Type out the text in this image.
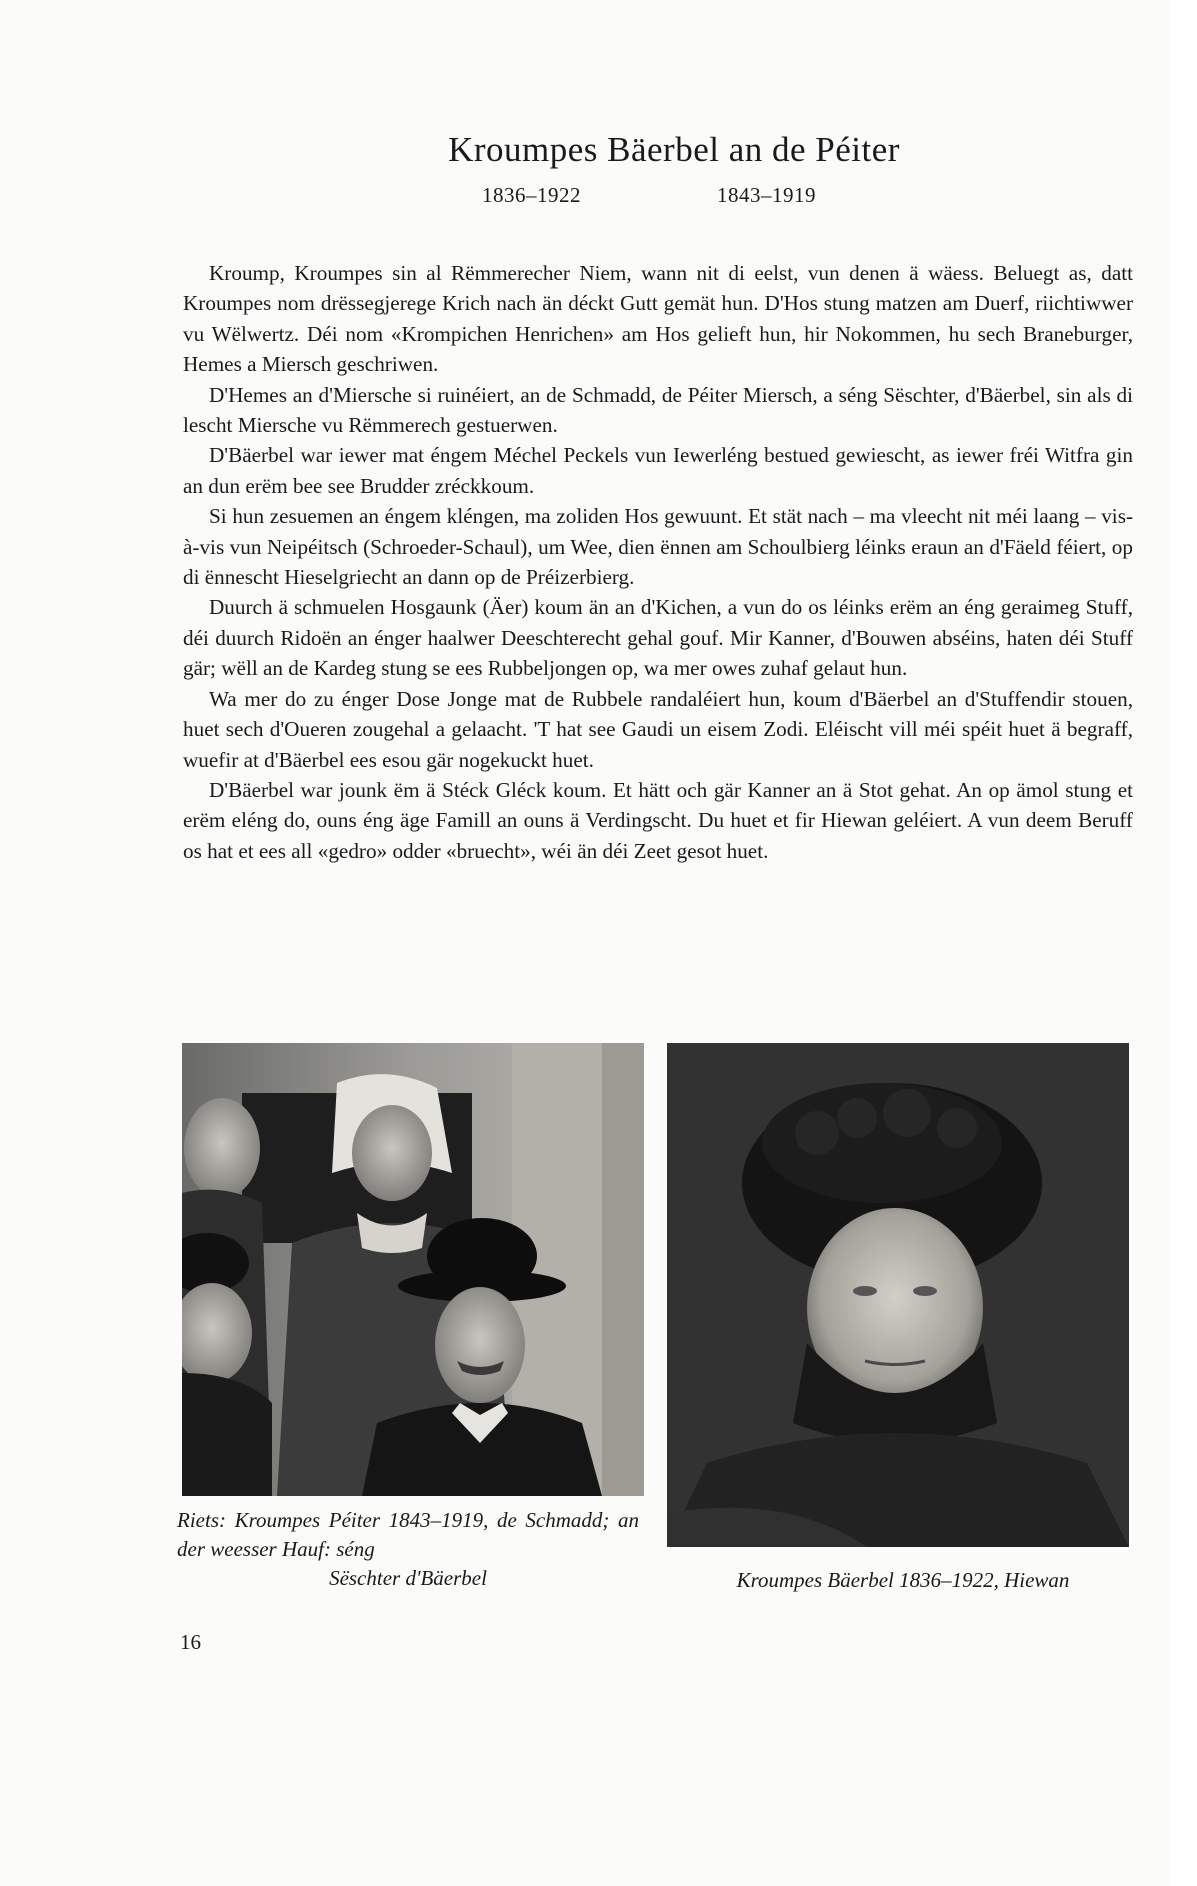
Kroumpes Bäerbel an de Péiter
1836–1922	1843–1919

Kroump, Kroumpes sin al Rëmmerecher Niem, wann nit di eelst, vun denen ä wäess. Beluegt as, datt Kroumpes nom drëssegjerege Krich nach än déckt Gutt gemät hun. D'Hos stung matzen am Duerf, riichtiwwer vu Wëlwertz. Déi nom «Krompichen Henrichen» am Hos gelieft hun, hir Nokommen, hu sech Braneburger, Hemes a Miersch geschriwen.

D'Hemes an d'Miersche si ruinéiert, an de Schmadd, de Péiter Miersch, a séng Sëschter, d'Bäerbel, sin als di lescht Miersche vu Rëmmerech gestuerwen.

D'Bäerbel war iewer mat éngem Méchel Peckels vun Iewerléng bestued gewiescht, as iewer fréi Witfra gin an dun erëm bee see Brudder zréckkoum.

Si hun zesuemen an éngem kléngen, ma zoliden Hos gewuunt. Et stät nach – ma vleecht nit méi laang – vis-à-vis vun Neipéitsch (Schroeder-Schaul), um Wee, dien ënnen am Schoulbierg léinks eraun an d'Fäeld féiert, op di ënnescht Hieselgriecht an dann op de Préizerbierg.

Duurch ä schmuelen Hosgaunk (Äer) koum än an d'Kichen, a vun do os léinks erëm an éng geraimeg Stuff, déi duurch Ridoën an énger haalwer Deeschterecht gehal gouf. Mir Kanner, d'Bouwen abséins, haten déi Stuff gär; wëll an de Kardeg stung se ees Rubbeljongen op, wa mer owes zuhaf gelaut hun.

Wa mer do zu énger Dose Jonge mat de Rubbele randaléiert hun, koum d'Bäerbel an d'Stuffendir stouen, huet sech d'Oueren zougehal a gelaacht. 'T hat see Gaudi un eisem Zodi. Eléischt vill méi spéit huet ä begraff, wuefir at d'Bäerbel ees esou gär nogekuckt huet.

D'Bäerbel war jounk ëm ä Stéck Gléck koum. Et hätt och gär Kanner an ä Stot gehat. An op ämol stung et erëm eléng do, ouns éng äge Famill an ouns ä Verdingscht. Du huet et fir Hiewan geléiert. A vun deem Beruff os hat et ees all «gedro» odder «bruecht», wéi än déi Zeet gesot huet.

Riets: Kroumpes Péiter 1843–1919, de Schmadd; an der weesser Hauf: séng
Sëschter d'Bäerbel	Kroumpes Bäerbel 1836–1922, Hiewan
16
